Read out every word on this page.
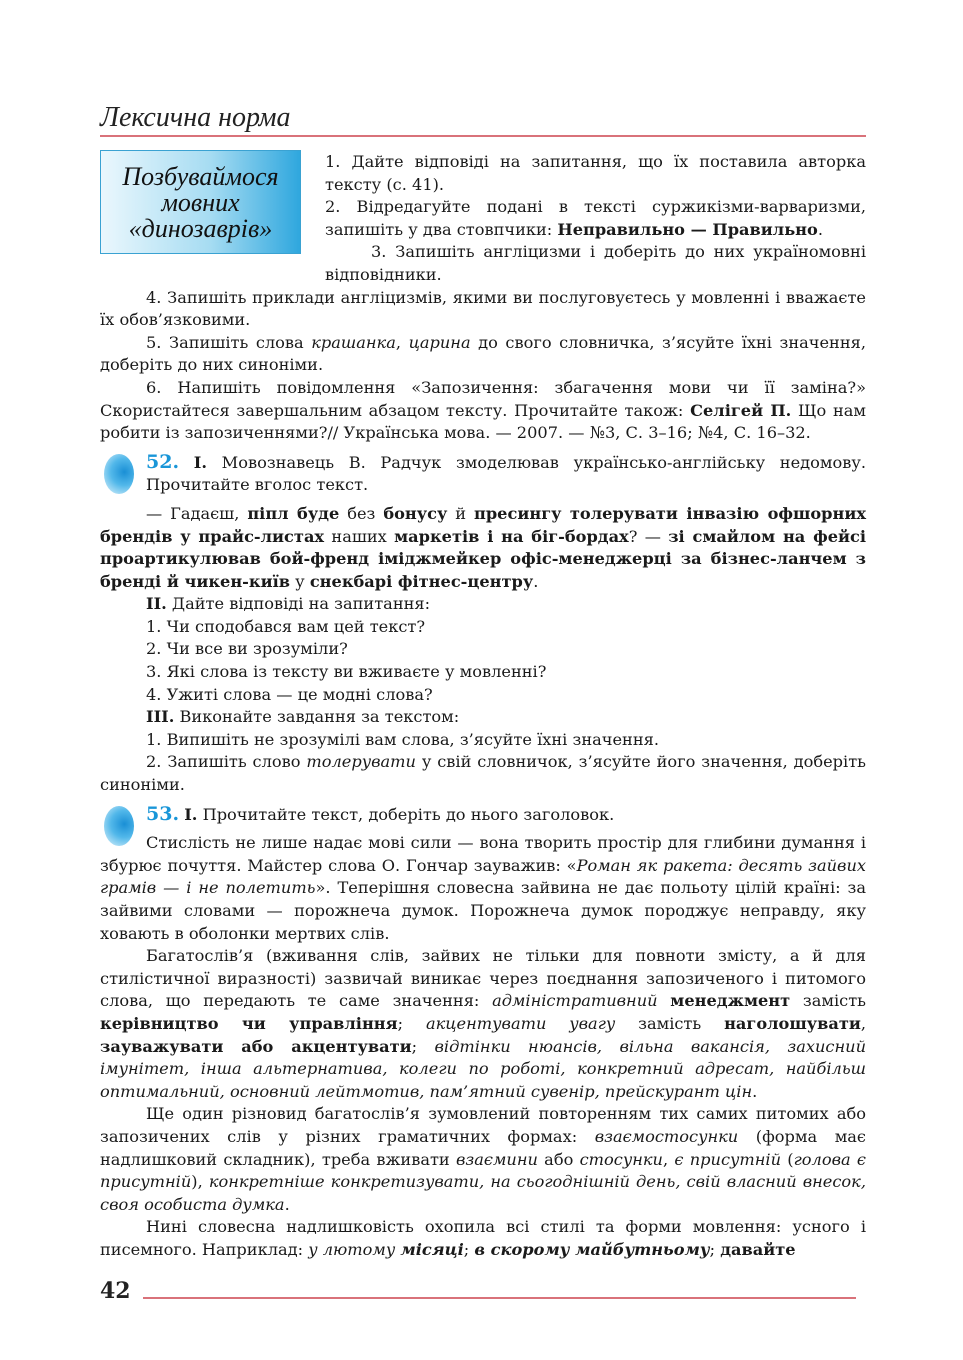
Лексична норма
Позбуваймося
мовних
«динозаврів»

1. Дайте відповіді на запитання, що їх поставила авторка тексту (с. 41).

2. Відредагуйте подані в тексті суржикізми-варваризми, запишіть у два стовпчики: Неправильно — Правильно.

3. Запишіть англіцизми і доберіть до них україномовні відповідники.

4. Запишіть приклади англіцизмів, якими ви послуговуєтесь у мовленні і вважаєте їх обов’язковими.

5. Запишіть слова крашанка, царина до свого словничка, з’ясуйте їхні значення, доберіть до них синоніми.

6. Напишіть повідомлення «Запозичення: збагачення мови чи її заміна?» Скористайтеся завершальним абзацом тексту. Прочитайте також: Селігей П. Що нам робити із запозиченнями?// Українська мова. — 2007. — №3, С. 3–16; №4, С. 16–32.

52. I. Мовознавець В. Радчук змоделював українсько-англійську недомову. Прочитайте вголос текст.

— Гадаєш, піпл буде без бонусу й пресингу толерувати інвазію офшорних брендів у прайс-листах наших маркетів і на біг-бордах? — зі смайлом на фейсі проартикулював бой-френд іміджмейкер офіс-менеджерці за бізнес-ланчем з бренді й чикен-київ у снекбарі фітнес-центру.

II. Дайте відповіді на запитання:

1. Чи сподобався вам цей текст?

2. Чи все ви зрозуміли?

3. Які слова із тексту ви вживаєте у мовленні?

4. Ужиті слова — це модні слова?

III. Виконайте завдання за текстом:

1. Випишіть не зрозумілі вам слова, з’ясуйте їхні значення.

2. Запишіть слово толерувати у свій словничок, з’ясуйте його значення, доберіть синоніми.

53. I. Прочитайте текст, доберіть до нього заголовок.

Стислість не лише надає мові сили — вона творить простір для глибини думання і збурює почуття. Майстер слова О. Гончар зауважив: «Роман як ракета: десять зайвих грамів — і не полетить». Теперішня словесна зайвина не дає польоту цілій країні: за зайвими словами — порожнеча думок. Порожнеча думок породжує неправду, яку ховають в оболонки мертвих слів.

Багатослів’я (вживання слів, зайвих не тільки для повноти змісту, а й для стилістичної виразності) зазвичай виникає через поєднання запозиченого і питомого слова, що передають те саме значення: адміністративний менеджмент замість керівництво чи управління; акцентувати увагу замість наголошувати, зауважувати або акцентувати; відтінки нюансів, вільна вакансія, захисний імунітет, інша альтернатива, колеги по роботі, конкретний адресат, найбільш оптимальний, основний лейтмотив, пам’ятний сувенір, прейскурант цін.

Ще один різновид багатослів’я зумовлений повторенням тих самих питомих або запозичених слів у різних граматичних формах: взаємостосунки (форма має надлишковий складник), треба вживати взаємини або стосунки, є присутній (голова є присутній), конкретніше конкретизувати, на сьогоднішній день, свій власний внесок, своя особиста думка.

Нині словесна надлишковість охопила всі стилі та форми мовлення: усного і писемного. Наприклад: у лютому місяці; в скорому майбутньому; давайте

42
